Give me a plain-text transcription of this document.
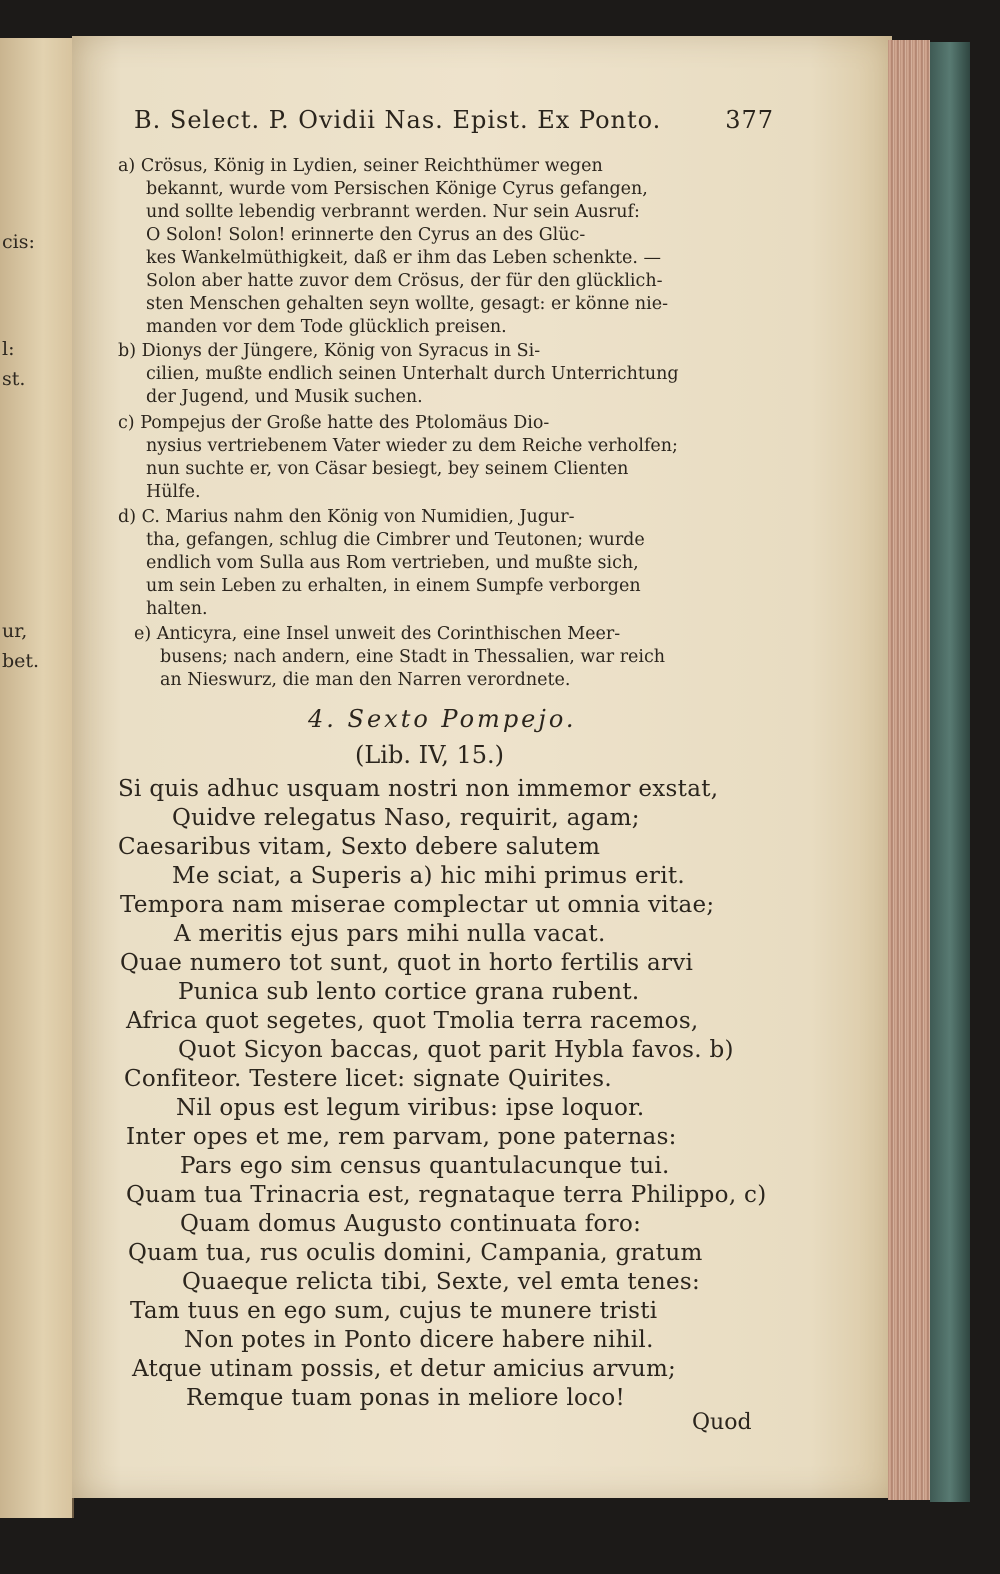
cis:
l:
st.
ur,
bet.
B. Select. P. Ovidii Nas. Epist. Ex Ponto.	377
a) Crösus, König in Lydien, seiner Reichthümer wegen
bekannt, wurde vom Persischen Könige Cyrus gefangen,
und sollte lebendig verbrannt werden. Nur sein Ausruf:
O Solon! Solon! erinnerte den Cyrus an des Glüc-
kes Wankelmüthigkeit, daß er ihm das Leben schenkte. —
Solon aber hatte zuvor dem Crösus, der für den glücklich-
sten Menschen gehalten seyn wollte, gesagt: er könne nie-
manden vor dem Tode glücklich preisen.
b) Dionys der Jüngere, König von Syracus in Si-
cilien, mußte endlich seinen Unterhalt durch Unterrichtung
der Jugend, und Musik suchen.
c) Pompejus der Große hatte des Ptolomäus Dio-
nysius vertriebenem Vater wieder zu dem Reiche verholfen;
nun suchte er, von Cäsar besiegt, bey seinem Clienten
Hülfe.
d) C. Marius nahm den König von Numidien, Jugur-
tha, gefangen, schlug die Cimbrer und Teutonen; wurde
endlich vom Sulla aus Rom vertrieben, und mußte sich,
um sein Leben zu erhalten, in einem Sumpfe verborgen
halten.
e) Anticyra, eine Insel unweit des Corinthischen Meer-
busens; nach andern, eine Stadt in Thessalien, war reich
an Nieswurz, die man den Narren verordnete.
4. Sexto Pompejo.
(Lib. IV, 15.)
Si quis adhuc usquam nostri non immemor exstat,
Quidve relegatus Naso, requirit, agam;
Caesaribus vitam, Sexto debere salutem
Me sciat, a Superis a) hic mihi primus erit.
Tempora nam miserae complectar ut omnia vitae;
A meritis ejus pars mihi nulla vacat.
Quae numero tot sunt, quot in horto fertilis arvi
Punica sub lento cortice grana rubent.
Africa quot segetes, quot Tmolia terra racemos,
Quot Sicyon baccas, quot parit Hybla favos. b)
Confiteor. Testere licet: signate Quirites.
Nil opus est legum viribus: ipse loquor.
Inter opes et me, rem parvam, pone paternas:
Pars ego sim census quantulacunque tui.
Quam tua Trinacria est, regnataque terra Philippo, c)
Quam domus Augusto continuata foro:
Quam tua, rus oculis domini, Campania, gratum
Quaeque relicta tibi, Sexte, vel emta tenes:
Tam tuus en ego sum, cujus te munere tristi
Non potes in Ponto dicere habere nihil.
Atque utinam possis, et detur amicius arvum;
Remque tuam ponas in meliore loco!
Quod
